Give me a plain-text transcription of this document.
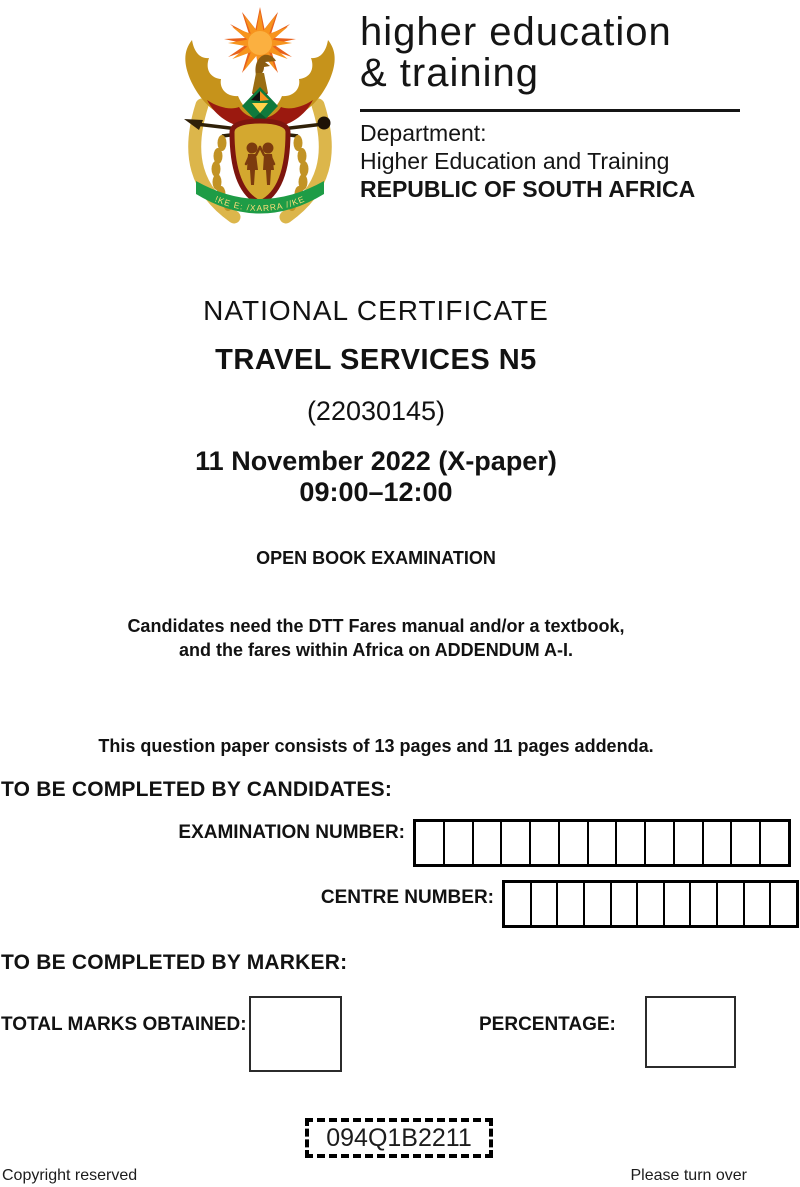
!KE E: /XARRA //KE
higher education
& training
Department:
Higher Education and Training
REPUBLIC OF SOUTH AFRICA
NATIONAL CERTIFICATE
TRAVEL SERVICES N5
(22030145)
11 November 2022 (X-paper)
09:00–12:00
OPEN BOOK EXAMINATION
Candidates need the DTT Fares manual and/or a textbook,
and the fares within Africa on ADDENDUM A-I.
This question paper consists of 13 pages and 11 pages addenda.
TO BE COMPLETED BY CANDIDATES:
EXAMINATION NUMBER:
CENTRE NUMBER:
TO BE COMPLETED BY MARKER:
TOTAL MARKS OBTAINED:	PERCENTAGE:
094Q1B2211
Copyright reserved	Please turn over
